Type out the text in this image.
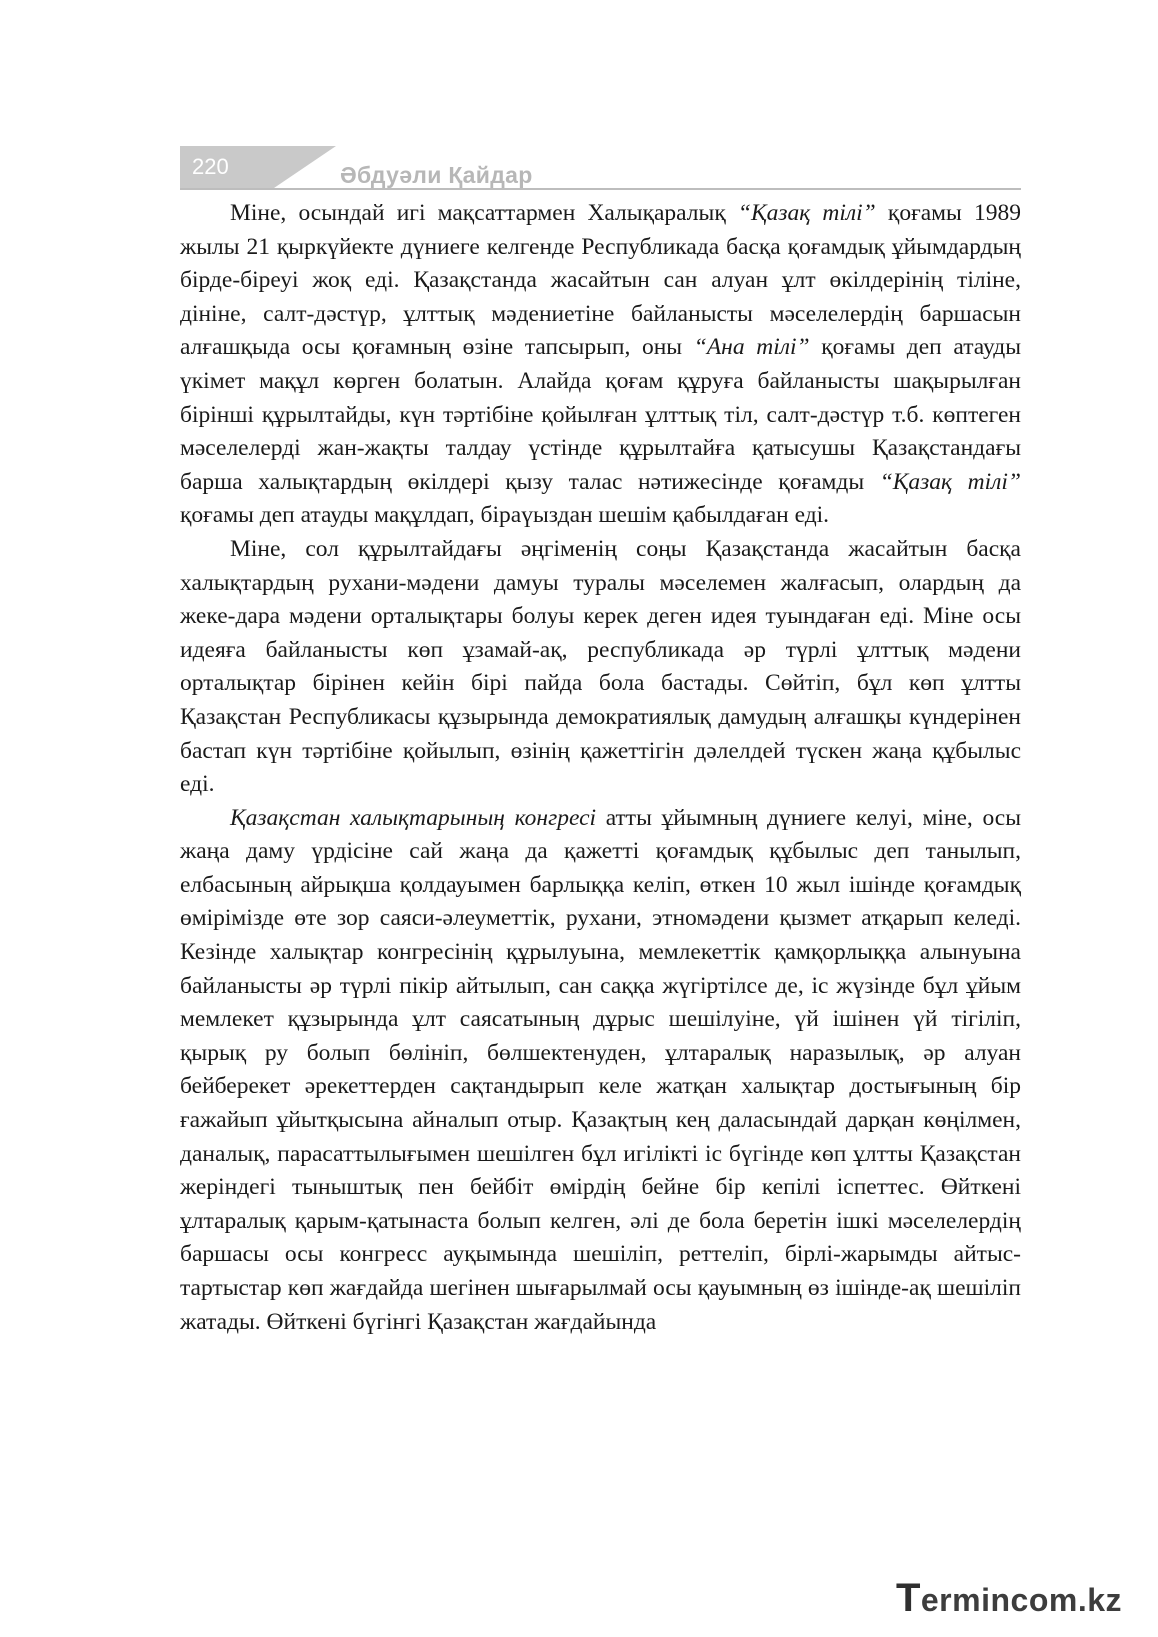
220	Әбдуәли Қайдар

Міне, осындай игі мақсаттармен Халықаралық “Қазақ тілі” қоғамы 1989 жылы 21 қыркүйекте дүниеге келгенде Республикада басқа қоғамдық ұйымдардың бірде-біреуі жоқ еді. Қазақстанда жасайтын сан алуан ұлт өкілдерінің тіліне, дініне, салт-дәстүр, ұлттық мәдениетіне байланысты мәселелердің баршасын алғашқыда осы қоғамның өзіне тапсырып, оны “Ана тілі” қоғамы деп атауды үкімет мақұл көрген болатын. Алайда қоғам құруға байланысты шақырылған бірінші құрылтайды, күн тәртібіне қойылған ұлттық тіл, салт-дәстүр т.б. көптеген мәселелерді жан-жақты талдау үстінде құрылтайға қатысушы Қазақстандағы барша халықтардың өкілдері қызу талас нәтижесінде қоғамды “Қазақ тілі” қоғамы деп атауды мақұлдап, біраүыздан шешім қабылдаған еді.

Міне, сол құрылтайдағы әңгіменің соңы Қазақстанда жасайтын басқа халықтардың рухани-мәдени дамуы туралы мәселемен жалғасып, олардың да жеке-дара мәдени орталықтары болуы керек деген идея туындаған еді. Міне осы идеяға байланысты көп ұзамай-ақ, республикада әр түрлі ұлттық мәдени орталықтар бірінен кейін бірі пайда бола бастады. Сөйтіп, бұл көп ұлтты Қазақстан Республикасы құзырында демократиялық дамудың алғашқы күндерінен бастап күн тәртібіне қойылып, өзінің қажеттігін дәлелдей түскен жаңа құбылыс еді.

Қазақстан халықтарының конгресі атты ұйымның дүниеге келуі, міне, осы жаңа даму үрдісіне сай жаңа да қажетті қоғамдық құбылыс деп танылып, елбасының айрықша қолдауымен барлыққа келіп, өткен 10 жыл ішінде қоғамдық өмірімізде өте зор саяси-әлеуметтік, рухани, этномәдени қызмет атқарып келеді. Кезінде халықтар конгресінің құрылуына, мемлекеттік қамқорлыққа алынуына байланысты әр түрлі пікір айтылып, сан саққа жүгіртілсе де, іс жүзінде бұл ұйым мемлекет құзырында ұлт саясатының дұрыс шешілуіне, үй ішінен үй тігіліп, қырық ру болып бөлініп, бөлшектенуден, ұлтаралық наразылық, әр алуан бейберекет әрекеттерден сақтандырып келе жатқан халықтар достығының бір ғажайып ұйытқысына айналып отыр. Қазақтың кең даласындай дарқан көңілмен, даналық, парасаттылығымен шешілген бұл игілікті іс бүгінде көп ұлтты Қазақстан жеріндегі тыныштық пен бейбіт өмірдің бейне бір кепілі іспеттес. Өйткені ұлтаралық қарым-қатынаста болып келген, әлі де бола беретін ішкі мәселелердің баршасы осы конгресс ауқымында шешіліп, реттеліп, бірлі-жарымды айтыс-тартыстар көп жағдайда шегінен шығарылмай осы қауымның өз ішінде-ақ шешіліп жатады. Өйткені бүгінгі Қазақстан жағдайында

Termincom.kz
